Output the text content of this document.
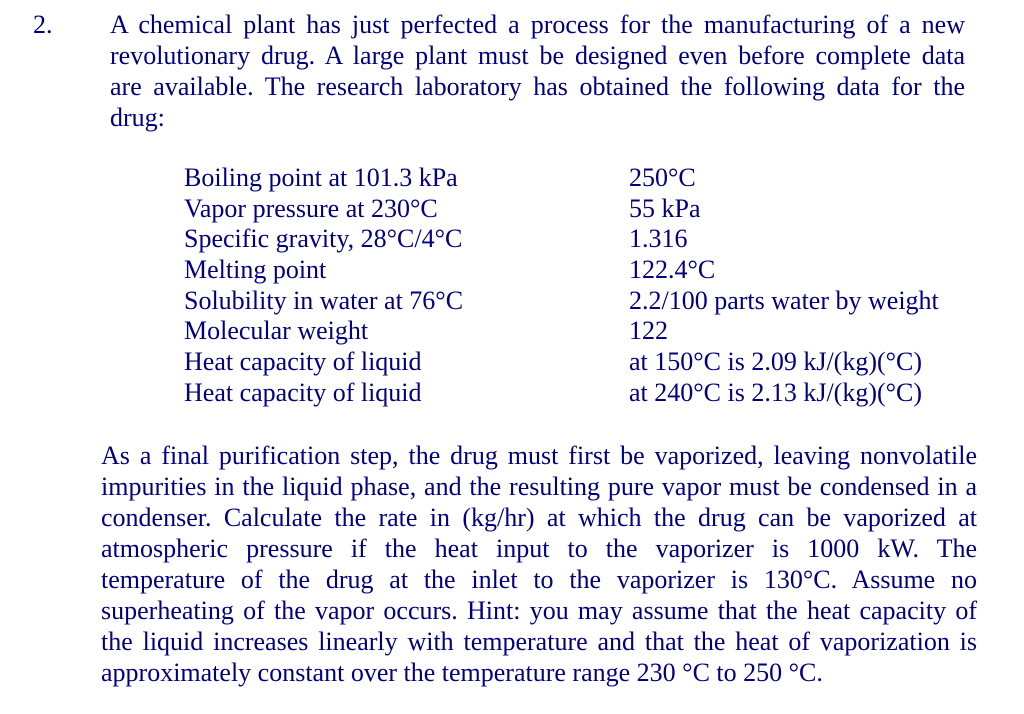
2. A chemical plant has just perfected a process for the manufacturing of a new
revolutionary drug. A large plant must be designed even before complete data
are available. The research laboratory has obtained the following data for the
drug:
Boiling point at 101.3 kPa	250°C
Vapor pressure at 230°C	55 kPa
Specific gravity, 28°C/4°C	1.316
Melting point	122.4°C
Solubility in water at 76°C	2.2/100 parts water by weight
Molecular weight	122
Heat capacity of liquid	at 150°C is 2.09 kJ/(kg)(°C)
Heat capacity of liquid	at 240°C is 2.13 kJ/(kg)(°C)
As a final purification step, the drug must first be vaporized, leaving nonvolatile
impurities in the liquid phase, and the resulting pure vapor must be condensed in a
condenser. Calculate the rate in (kg/hr) at which the drug can be vaporized at
atmospheric pressure if the heat input to the vaporizer is 1000 kW. The
temperature of the drug at the inlet to the vaporizer is 130°C. Assume no
superheating of the vapor occurs. Hint: you may assume that the heat capacity of
the liquid increases linearly with temperature and that the heat of vaporization is
approximately constant over the temperature range 230 °C to 250 °C.
